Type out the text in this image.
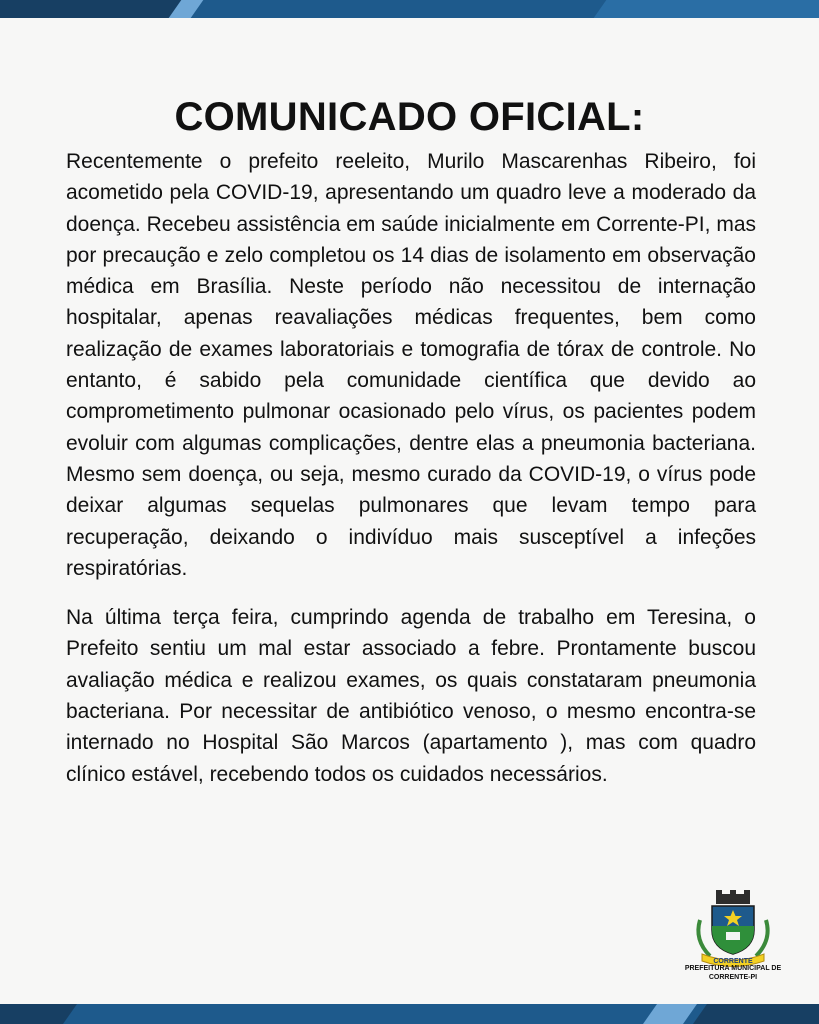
COMUNICADO OFICIAL:

Recentemente o prefeito reeleito, Murilo Mascarenhas Ribeiro, foi acometido pela COVID-19, apresentando um quadro leve a moderado da doença. Recebeu assistência em saúde inicialmente em Corrente-PI, mas por precaução e zelo completou os 14 dias de isolamento em observação médica em Brasília. Neste período não necessitou de internação hospitalar, apenas reavaliações médicas frequentes, bem como realização de exames laboratoriais e tomografia de tórax de controle. No entanto, é sabido pela comunidade científica que devido ao comprometimento pulmonar ocasionado pelo vírus, os pacientes podem evoluir com algumas complicações, dentre elas a pneumonia bacteriana. Mesmo sem doença, ou seja, mesmo curado da COVID-19, o vírus pode deixar algumas sequelas pulmonares que levam tempo para recuperação, deixando o indivíduo mais susceptível a infeções respiratórias.

Na última terça feira, cumprindo agenda de trabalho em Teresina, o Prefeito sentiu um mal estar associado a febre. Prontamente buscou avaliação médica e realizou exames, os quais constataram pneumonia bacteriana. Por necessitar de antibiótico venoso, o mesmo encontra-se internado no Hospital São Marcos (apartamento ), mas com quadro clínico estável, recebendo todos os cuidados necessários.

CORRENTE
PREFEITURA MUNICIPAL DE
CORRENTE-PI
